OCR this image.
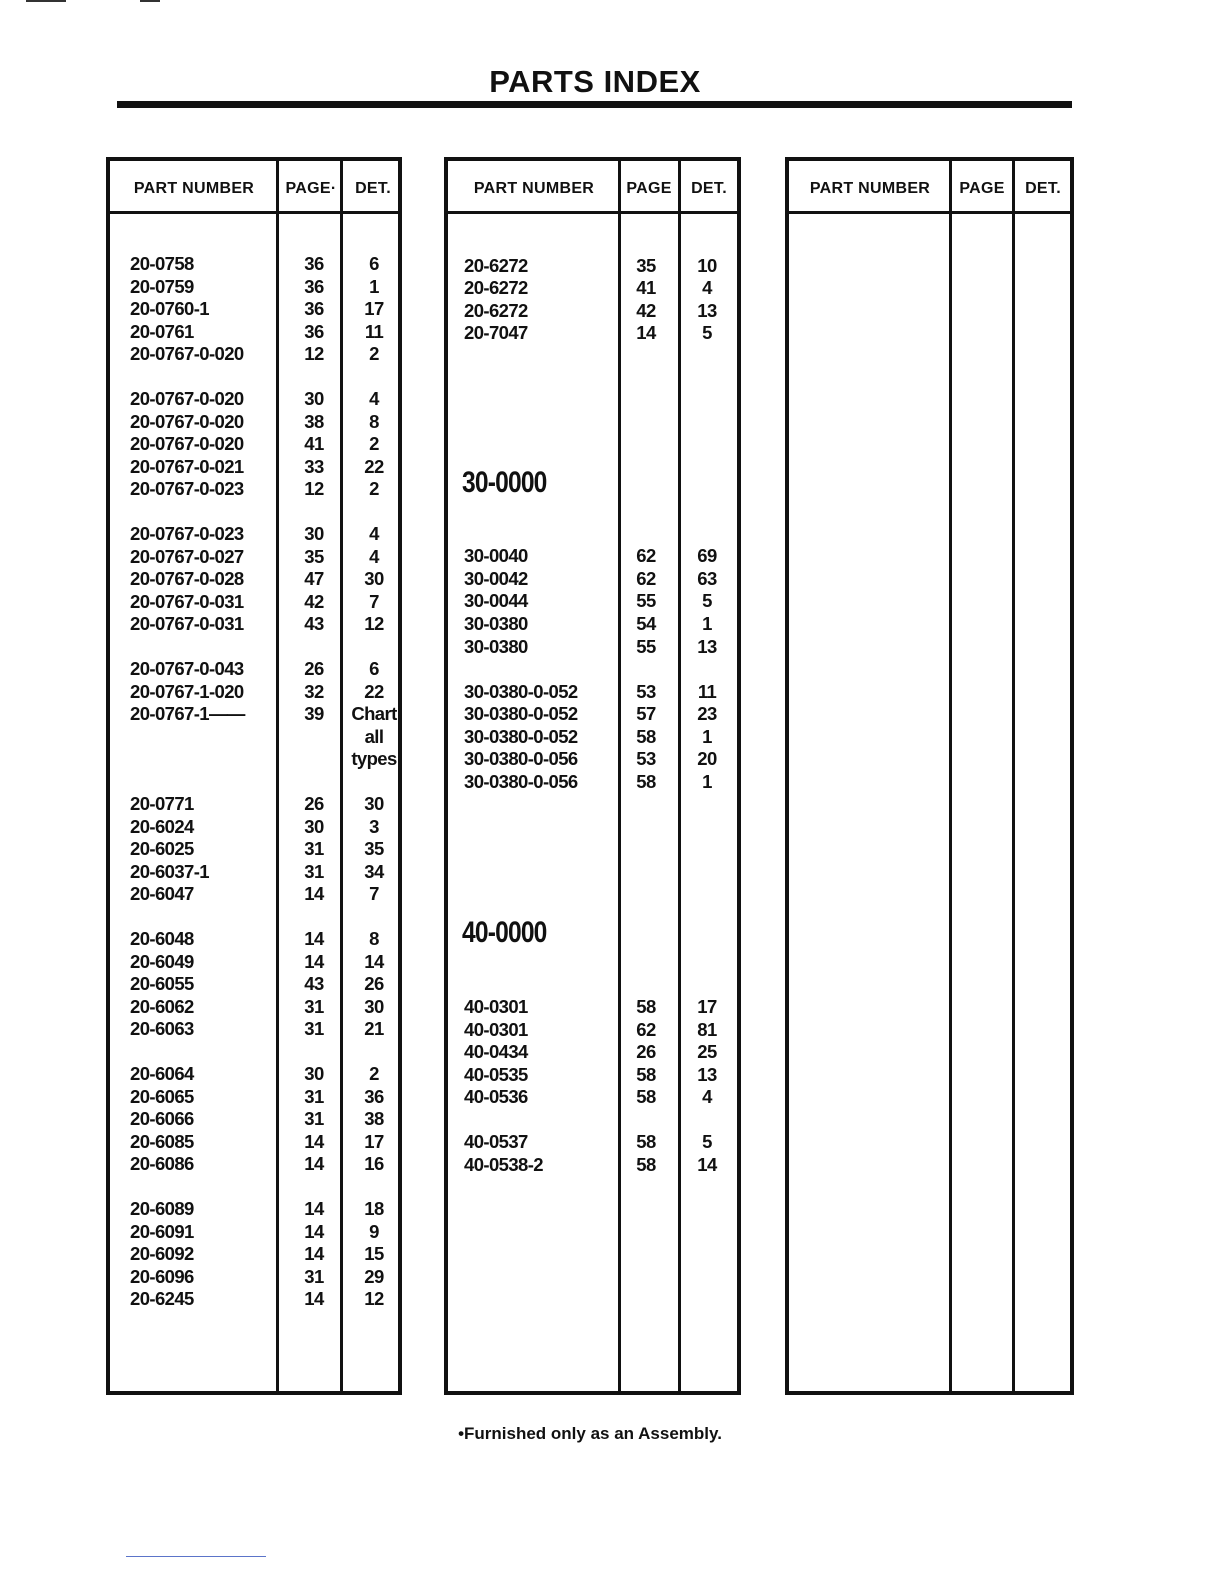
PARTS INDEX
PART NUMBER	PAGE·	DET.
20-0758	36	6
20-0759	36	1
20-0760-1	36	17
20-0761	36	11
20-0767-0-020	12	2
20-0767-0-020	30	4
20-0767-0-020	38	8
20-0767-0-020	41	2
20-0767-0-021	33	22
20-0767-0-023	12	2
20-0767-0-023	30	4
20-0767-0-027	35	4
20-0767-0-028	47	30
20-0767-0-031	42	7
20-0767-0-031	43	12
20-0767-0-043	26	6
20-0767-1-020	32	22
20-0767-1——	39	Chart
all
types
20-0771	26	30
20-6024	30	3
20-6025	31	35
20-6037-1	31	34
20-6047	14	7
20-6048	14	8
20-6049	14	14
20-6055	43	26
20-6062	31	30
20-6063	31	21
20-6064	30	2
20-6065	31	36
20-6066	31	38
20-6085	14	17
20-6086	14	16
20-6089	14	18
20-6091	14	9
20-6092	14	15
20-6096	31	29
20-6245	14	12
PART NUMBER	PAGE	DET.
20-6272	35	10
20-6272	41	4
20-6272	42	13
20-7047	14	5
30-0000
30-0040	62	69
30-0042	62	63
30-0044	55	5
30-0380	54	1
30-0380	55	13
30-0380-0-052	53	11
30-0380-0-052	57	23
30-0380-0-052	58	1
30-0380-0-056	53	20
30-0380-0-056	58	1
40-0000
40-0301	58	17
40-0301	62	81
40-0434	26	25
40-0535	58	13
40-0536	58	4
40-0537	58	5
40-0538-2	58	14
PART NUMBER	PAGE	DET.
•Furnished only as an Assembly.
